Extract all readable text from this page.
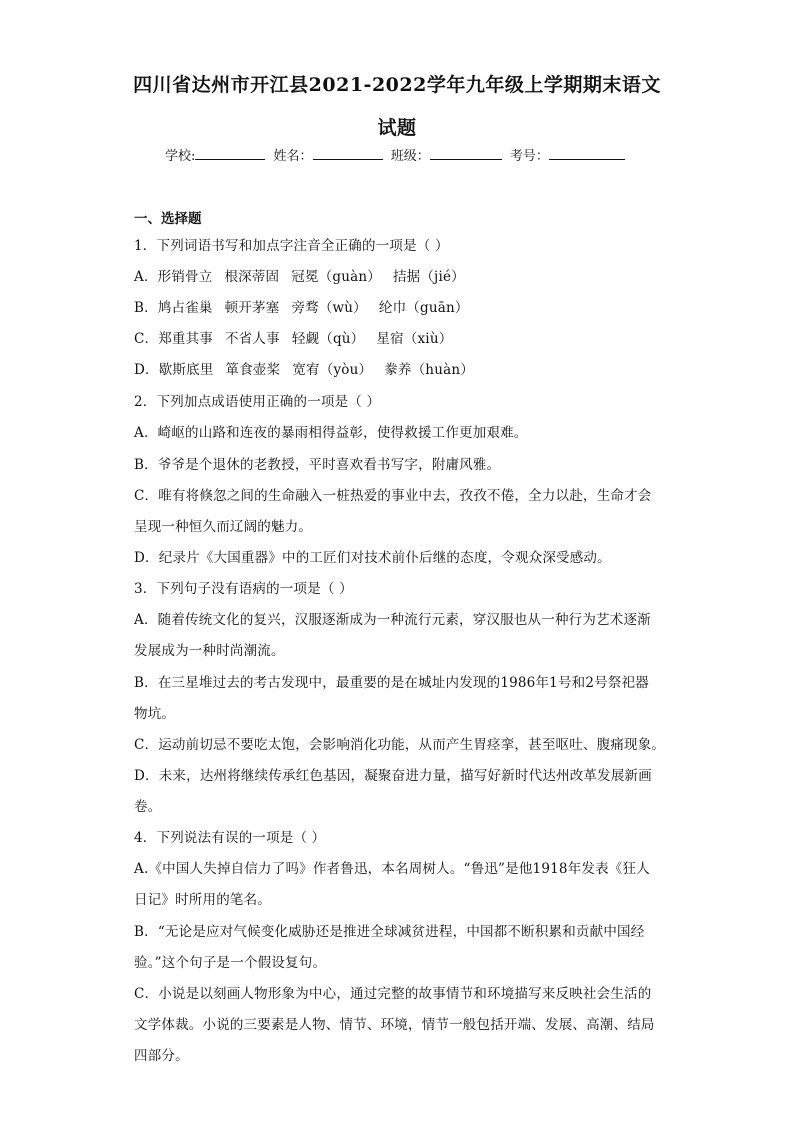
四川省达州市开江县2021-2022学年九年级上学期期末语文
试题
学校:	姓名：	班级：	考号：
一、选择题
1．下列词语书写和加点字注音全正确的一项是（ ）
A．形销骨立 根深蒂固 冠冕（guàn） 拮据（jié）
B．鸠占雀巢 顿开茅塞 旁骛（wù） 纶巾（guān）
C．郑重其事 不省人事 轻觑（qù） 星宿（xiù）
D．歇斯底里 箪食壶桨 宽宥（yòu） 豢养（huàn）
2．下列加点成语使用正确的一项是（ ）
A．崎岖的山路和连夜的暴雨相得益彰，使得救援工作更加艰难。
B．爷爷是个退休的老教授，平时喜欢看书写字，附庸风雅。
C．唯有将倏忽之间的生命融入一桩热爱的事业中去，孜孜不倦，全力以赴，生命才会
呈现一种恒久而辽阔的魅力。
D．纪录片《大国重器》中的工匠们对技术前仆后继的态度，令观众深受感动。
3．下列句子没有语病的一项是（ ）
A．随着传统文化的复兴，汉服逐渐成为一种流行元素，穿汉服也从一种行为艺术逐渐
发展成为一种时尚潮流。
B．在三星堆过去的考古发现中，最重要的是在城址内发现的1986年1号和2号祭祀器
物坑。
C．运动前切忌不要吃太饱，会影响消化功能，从而产生胃痉挛，甚至呕吐、腹痛现象。
D．未来，达州将继续传承红色基因，凝聚奋进力量，描写好新时代达州改革发展新画
卷。
4．下列说法有误的一项是（ ）
A.《中国人失掉自信力了吗》作者鲁迅，本名周树人。“鲁迅”是他1918年发表《狂人
日记》时所用的笔名。
B．“无论是应对气候变化威胁还是推进全球减贫进程，中国都不断积累和贡献中国经
验。”这个句子是一个假设复句。
C．小说是以刻画人物形象为中心，通过完整的故事情节和环境描写来反映社会生活的
文学体裁。小说的三要素是人物、情节、环境，情节一般包括开端、发展、高潮、结局
四部分。
